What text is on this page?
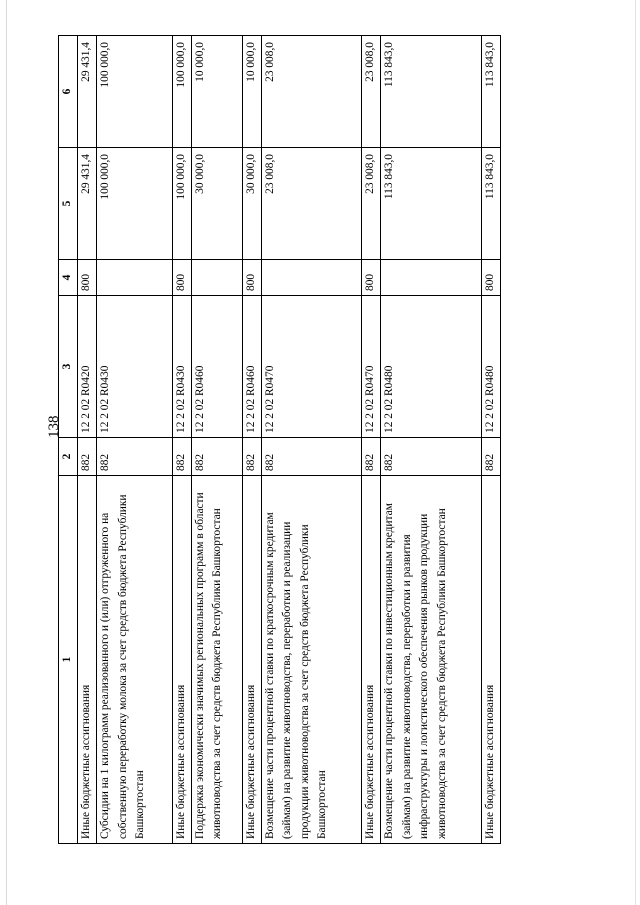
138
1	2	3	4	5	6
Иные бюджетные ассигнования	882	12 2 02 R0420	800	29 431,4	29 431,4
Субсидии на 1 килограмм реализованного и (или) отгруженного на собственную переработку молока за счет средств бюджета Республики Башкортостан	882	12 2 02 R0430		100 000,0	100 000,0
Иные бюджетные ассигнования	882	12 2 02 R0430	800	100 000,0	100 000,0
Поддержка экономически значимых региональных программ в области животноводства за счет средств бюджета Республики Башкортостан	882	12 2 02 R0460		30 000,0	10 000,0
Иные бюджетные ассигнования	882	12 2 02 R0460	800	30 000,0	10 000,0
Возмещение части процентной ставки по краткосрочным кредитам (займам) на развитие животноводства, переработки и реализации продукции животноводства за счет средств бюджета Республики Башкортостан	882	12 2 02 R0470		23 008,0	23 008,0
Иные бюджетные ассигнования	882	12 2 02 R0470	800	23 008,0	23 008,0
Возмещение части процентной ставки по инвестиционным кредитам (займам) на развитие животноводства, переработки и развития инфраструктуры и логистического обеспечения рынков продукции животноводства за счет средств бюджета Республики Башкортостан	882	12 2 02 R0480		113 843,0	113 843,0
Иные бюджетные ассигнования	882	12 2 02 R0480	800	113 843,0	113 843,0
